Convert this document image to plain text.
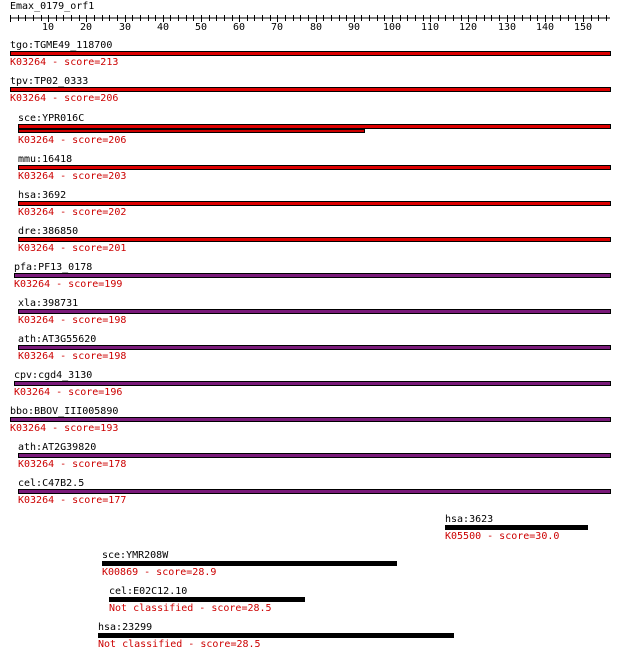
Emax_0179_orf1
10	20	30	40	50	60	70	80	90 100 110 120 130 140 150
tgo:TGME49_118700
K03264 - score=213
tpv:TP02_0333
K03264 - score=206
sce:YPR016C
K03264 - score=206
mmu:16418
K03264 - score=203
hsa:3692
K03264 - score=202
dre:386850
K03264 - score=201
pfa:PF13_0178
K03264 - score=199
xla:398731
K03264 - score=198
ath:AT3G55620
K03264 - score=198
cpv:cgd4_3130
K03264 - score=196
bbo:BBOV_III005890
K03264 - score=193
ath:AT2G39820
K03264 - score=178
cel:C47B2.5
K03264 - score=177
hsa:3623
K05500 - score=30.0
sce:YMR208W
K00869 - score=28.9
cel:E02C12.10
Not classified - score=28.5
hsa:23299
Not classified - score=28.5
